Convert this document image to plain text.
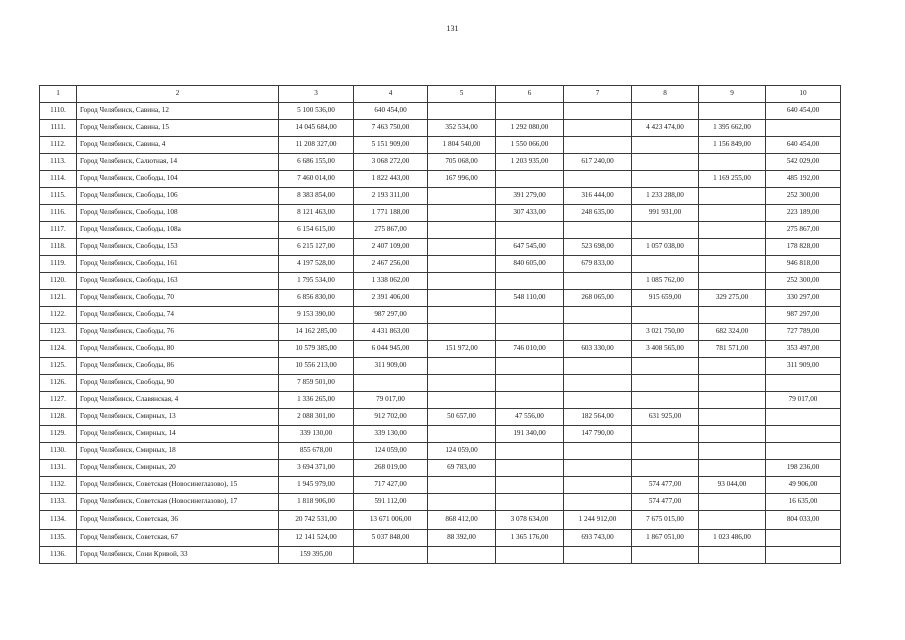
131
1	2	3	4	5	6	7	8	9	10
1110.	Город Челябинск, Савина, 12	5 100 536,00	640 454,00						640 454,00
1111.	Город Челябинск, Савина, 15	14 045 684,00	7 463 750,00	352 534,00	1 292 080,00		4 423 474,00	1 395 662,00	
1112.	Город Челябинск, Савина, 4	11 208 327,00	5 151 909,00	1 804 540,00	1 550 066,00			1 156 849,00	640 454,00
1113.	Город Челябинск, Салютная, 14	6 686 155,00	3 068 272,00	705 068,00	1 203 935,00	617 240,00			542 029,00
1114.	Город Челябинск, Свободы, 104	7 460 014,00	1 822 443,00	167 996,00				1 169 255,00	485 192,00
1115.	Город Челябинск, Свободы, 106	8 383 854,00	2 193 311,00		391 279,00	316 444,00	1 233 288,00		252 300,00
1116.	Город Челябинск, Свободы, 108	8 121 463,00	1 771 188,00		307 433,00	248 635,00	991 931,00		223 189,00
1117.	Город Челябинск, Свободы, 108а	6 154 615,00	275 867,00						275 867,00
1118.	Город Челябинск, Свободы, 153	6 215 127,00	2 407 109,00		647 545,00	523 698,00	1 057 038,00		178 828,00
1119.	Город Челябинск, Свободы, 161	4 197 528,00	2 467 256,00		840 605,00	679 833,00			946 818,00
1120.	Город Челябинск, Свободы, 163	1 795 534,00	1 338 062,00				1 085 762,00		252 300,00
1121.	Город Челябинск, Свободы, 70	6 856 830,00	2 391 406,00		548 110,00	268 065,00	915 659,00	329 275,00	330 297,00
1122.	Город Челябинск, Свободы, 74	9 153 390,00	987 297,00						987 297,00
1123.	Город Челябинск, Свободы, 76	14 162 285,00	4 431 863,00				3 021 750,00	682 324,00	727 789,00
1124.	Город Челябинск, Свободы, 80	10 579 385,00	6 044 945,00	151 972,00	746 010,00	603 330,00	3 408 565,00	781 571,00	353 497,00
1125.	Город Челябинск, Свободы, 86	10 556 213,00	311 909,00						311 909,00
1126.	Город Челябинск, Свободы, 90	7 859 501,00							
1127.	Город Челябинск, Славянская, 4	1 336 265,00	79 017,00						79 017,00
1128.	Город Челябинск, Смирных, 13	2 088 301,00	912 702,00	50 657,00	47 556,00	182 564,00	631 925,00		
1129.	Город Челябинск, Смирных, 14	339 130,00	339 130,00		191 340,00	147 790,00			
1130.	Город Челябинск, Смирных, 18	855 678,00	124 059,00	124 059,00					
1131.	Город Челябинск, Смирных, 20	3 694 371,00	268 019,00	69 783,00					198 236,00
1132.	Город Челябинск, Советская (Новосинеглазово), 15	1 945 979,00	717 427,00				574 477,00	93 044,00	49 906,00
1133.	Город Челябинск, Советская (Новосинеглазово), 17	1 818 906,00	591 112,00				574 477,00		16 635,00
1134.	Город Челябинск, Советская, 36	20 742 531,00	13 671 006,00	868 412,00	3 078 634,00	1 244 912,00	7 675 015,00		804 033,00
1135.	Город Челябинск, Советская, 67	12 141 524,00	5 037 848,00	88 392,00	1 365 176,00	693 743,00	1 867 051,00	1 023 486,00	
1136.	Город Челябинск, Сони Кривой, 33	159 395,00							
